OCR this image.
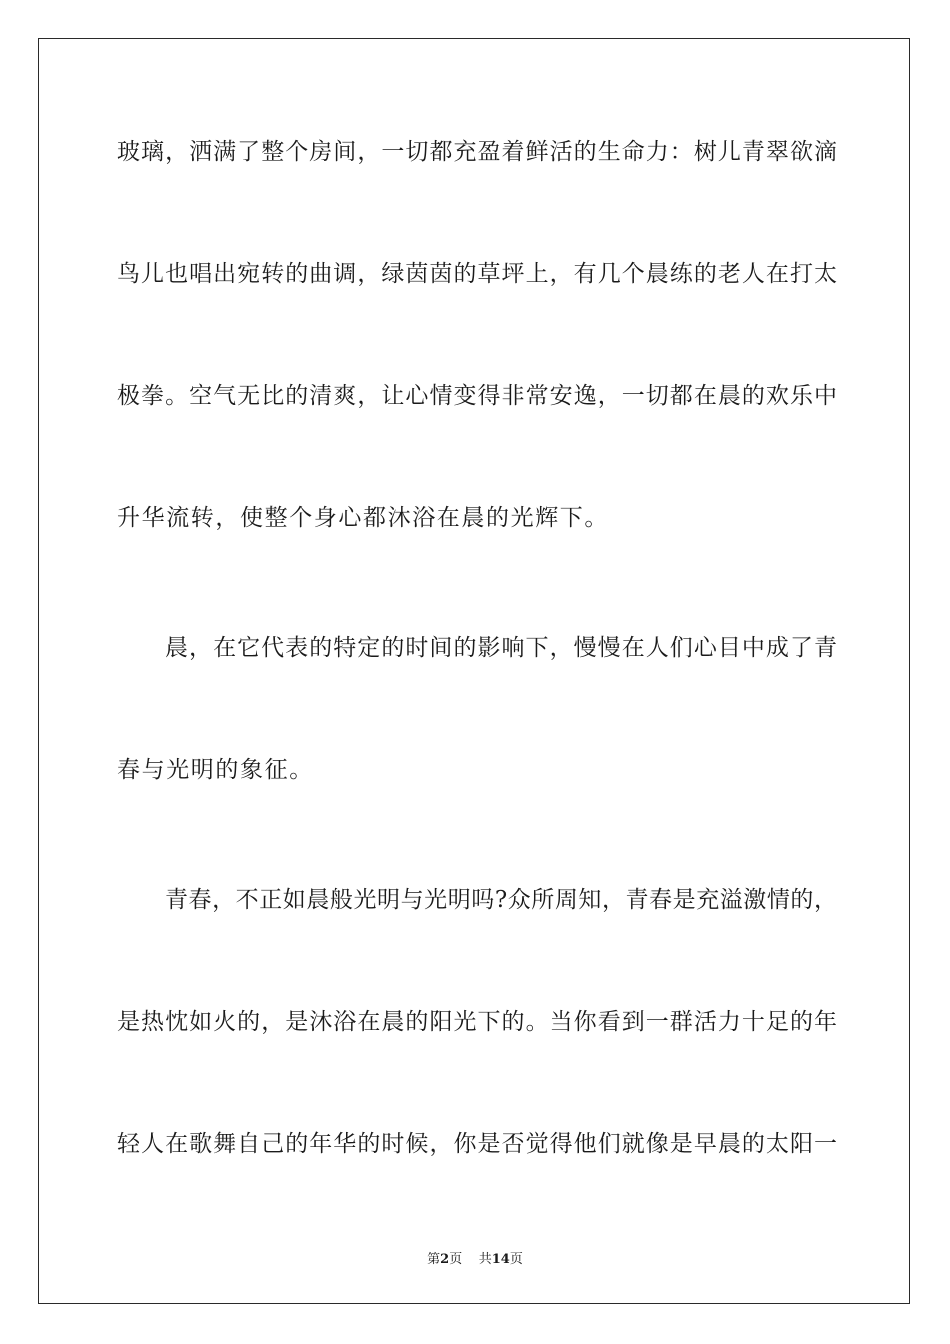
玻璃，洒满了整个房间，一切都充盈着鲜活的生命力：树儿青翠欲滴
鸟儿也唱出宛转的曲调，绿茵茵的草坪上，有几个晨练的老人在打太
极拳。空气无比的清爽，让心情变得非常安逸，一切都在晨的欢乐中
升华流转，使整个身心都沐浴在晨的光辉下。
晨，在它代表的特定的时间的影响下，慢慢在人们心目中成了青
春与光明的象征。
青春，不正如晨般光明与光明吗?众所周知，青春是充溢激情的，
是热忱如火的，是沐浴在晨的阳光下的。当你看到一群活力十足的年
轻人在歌舞自己的年华的时候，你是否觉得他们就像是早晨的太阳一
第2页 共14页
